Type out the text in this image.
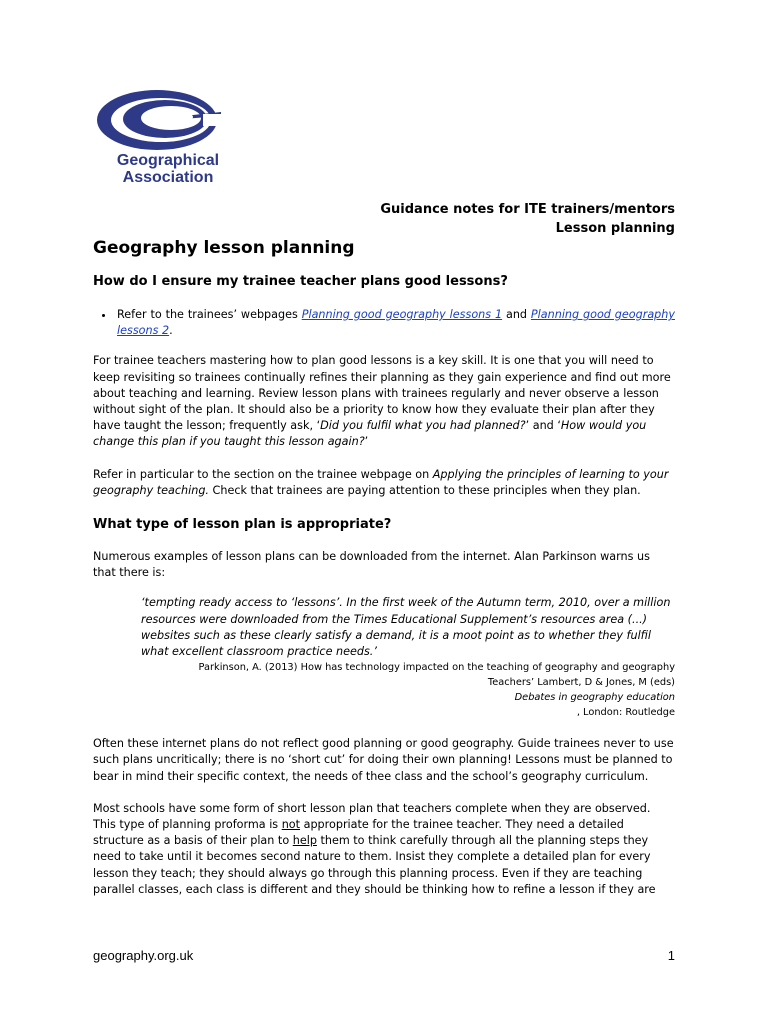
Geographical
Association
Guidance notes for ITE trainers/mentors
Lesson planning
Geography lesson planning
How do I ensure my trainee teacher plans good lessons?
• Refer to the trainees’ webpages Planning good geography lessons 1 and Planning good geography lessons 2.

For trainee teachers mastering how to plan good lessons is a key skill. It is one that you will need to keep revisiting so trainees continually refines their planning as they gain experience and find out more about teaching and learning. Review lesson plans with trainees regularly and never observe a lesson without sight of the plan. It should also be a priority to know how they evaluate their plan after they have taught the lesson; frequently ask, ‘Did you fulfil what you had planned?’ and ‘How would you change this plan if you taught this lesson again?’

Refer in particular to the section on the trainee webpage on Applying the principles of learning to your geography teaching. Check that trainees are paying attention to these principles when they plan.

What type of lesson plan is appropriate?

Numerous examples of lesson plans can be downloaded from the internet. Alan Parkinson warns us that there is:

‘tempting ready access to ‘lessons’. In the first week of the Autumn term, 2010, over a million resources were downloaded from the Times Educational Supplement’s resources area (...) websites such as these clearly satisfy a demand, it is a moot point as to whether they fulfil what excellent classroom practice needs.’
Parkinson, A. (2013) How has technology impacted on the teaching of geography and geography
Teachers’ Lambert, D & Jones, M (eds)
Debates in geography education
, London: Routledge

Often these internet plans do not reflect good planning or good geography. Guide trainees never to use such plans uncritically; there is no ‘short cut’ for doing their own planning! Lessons must be planned to bear in mind their specific context, the needs of thee class and the school’s geography curriculum.

Most schools have some form of short lesson plan that teachers complete when they are observed. This type of planning proforma is not appropriate for the trainee teacher. They need a detailed structure as a basis of their plan to help them to think carefully through all the planning steps they need to take until it becomes second nature to them. Insist they complete a detailed plan for every lesson they teach; they should always go through this planning process. Even if they are teaching parallel classes, each class is different and they should be thinking how to refine a lesson if they are

geography.org.uk	1
